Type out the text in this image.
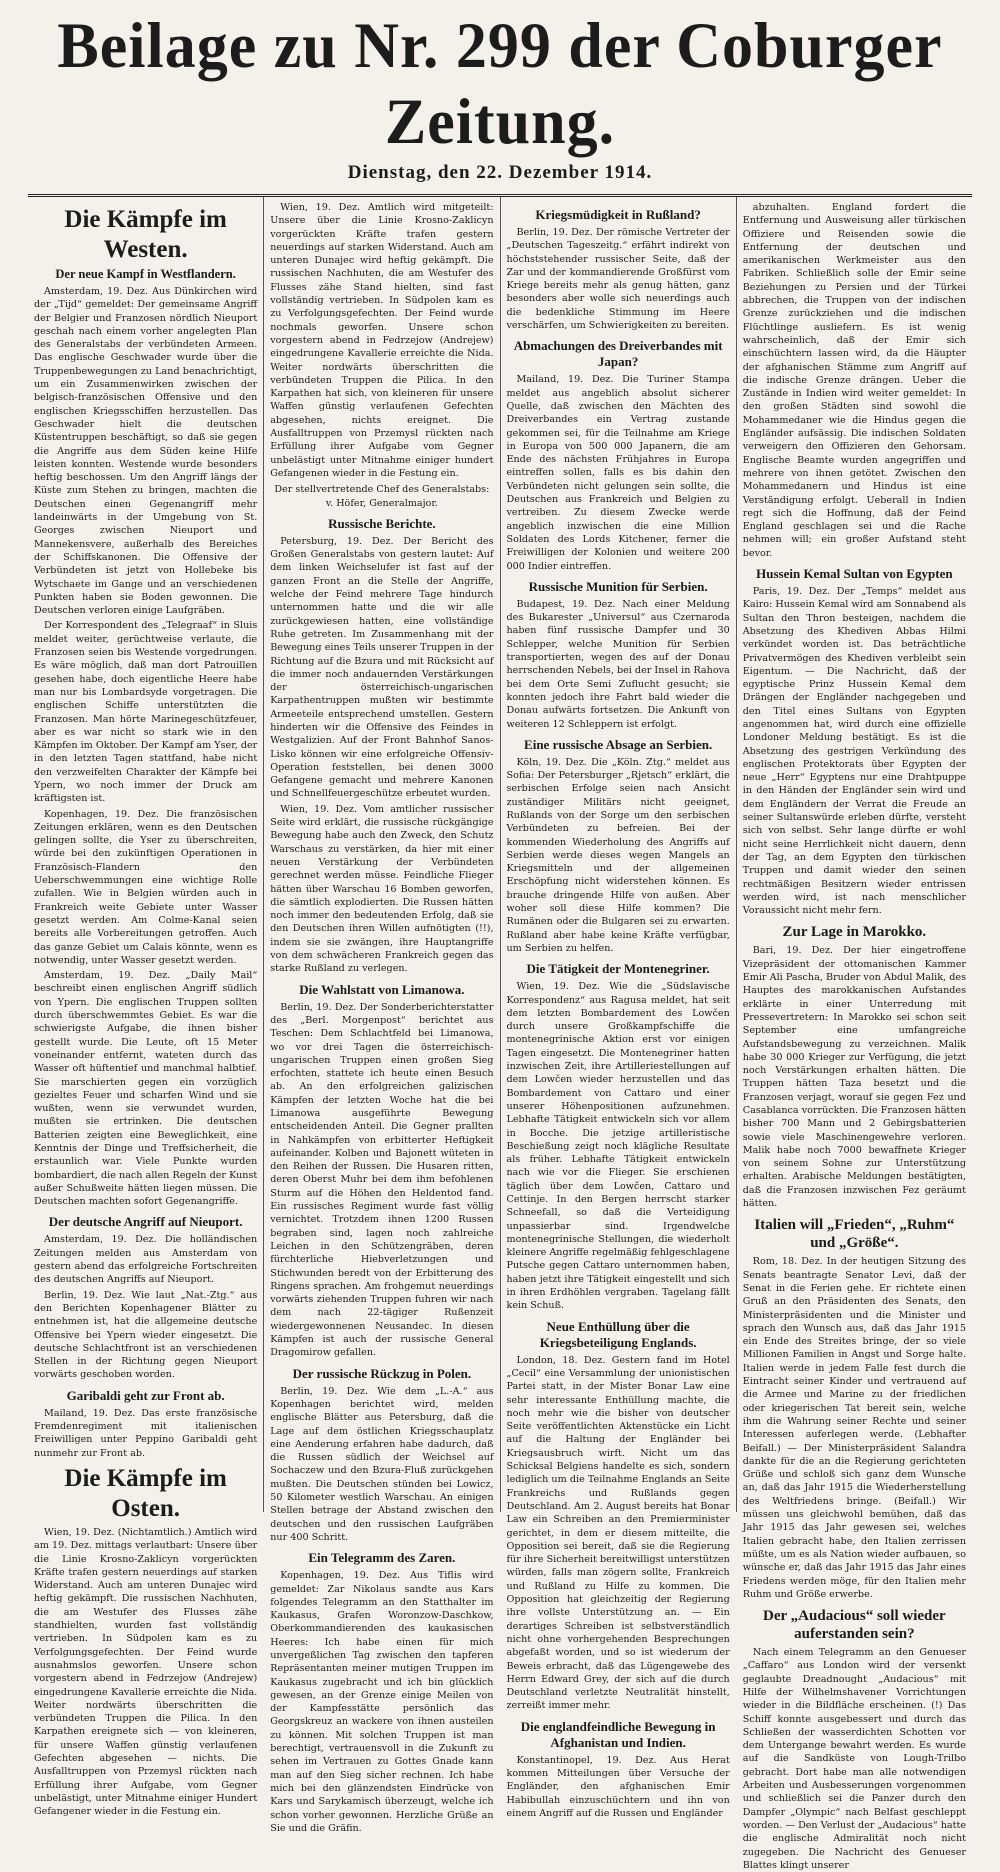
Beilage zu Nr. 299 der Coburger Zeitung.
Dienstag, den 22. Dezember 1914.
Die Kämpfe im Westen.
Der neue Kampf in Westflandern.

Amsterdam, 19. Dez. Aus Dünkirchen wird der „Tijd“ gemeldet: Der gemeinsame Angriff der Belgier und Franzosen nördlich Nieuport geschah nach einem vorher angelegten Plan des Generalstabs der verbündeten Armeen. Das englische Geschwader wurde über die Truppenbewegungen zu Land benachrichtigt, um ein Zusammenwirken zwischen der belgisch-französischen Offensive und den englischen Kriegsschiffen herzustellen. Das Geschwader hielt die deutschen Küstentruppen beschäftigt, so daß sie gegen die Angriffe aus dem Süden keine Hilfe leisten konnten. Westende wurde besonders heftig beschossen. Um den Angriff längs der Küste zum Stehen zu bringen, machten die Deutschen einen Gegenangriff mehr landeinwärts in der Umgebung von St. Georges zwischen Nieuport und Mannekensvere, außerhalb des Bereiches der Schiffskanonen. Die Offensive der Verbündeten ist jetzt von Hollebeke bis Wytschaete im Gange und an verschiedenen Punkten haben sie Boden gewonnen. Die Deutschen verloren einige Laufgräben.

Der Korrespondent des „Telegraaf“ in Sluis meldet weiter, gerüchtweise verlaute, die Franzosen seien bis Westende vorgedrungen. Es wäre möglich, daß man dort Patrouillen gesehen habe, doch eigentliche Heere habe man nur bis Lombardsyde vorgetragen. Die englischen Schiffe unterstützten die Franzosen. Man hörte Marinegeschützfeuer, aber es war nicht so stark wie in den Kämpfen im Oktober. Der Kampf am Yser, der in den letzten Tagen stattfand, habe nicht den verzweifelten Charakter der Kämpfe bei Ypern, wo noch immer der Druck am kräftigsten ist.

Kopenhagen, 19. Dez. Die französischen Zeitungen erklären, wenn es den Deutschen gelingen sollte, die Yser zu überschreiten, würde bei den zukünftigen Operationen in Französisch-Flandern den Ueberschwemmungen eine wichtige Rolle zufallen. Wie in Belgien würden auch in Frankreich weite Gebiete unter Wasser gesetzt werden. Am Colme-Kanal seien bereits alle Vorbereitungen getroffen. Auch das ganze Gebiet um Calais könnte, wenn es notwendig, unter Wasser gesetzt werden.

Amsterdam, 19. Dez. „Daily Mail“ beschreibt einen englischen Angriff südlich von Ypern. Die englischen Truppen sollten durch überschwemmtes Gebiet. Es war die schwierigste Aufgabe, die ihnen bisher gestellt wurde. Die Leute, oft 15 Meter voneinander entfernt, wateten durch das Wasser oft hüftentief und manchmal halbtief. Sie marschierten gegen ein vorzüglich gezieltes Feuer und scharfen Wind und sie wußten, wenn sie verwundet wurden, mußten sie ertrinken. Die deutschen Batterien zeigten eine Beweglichkeit, eine Kenntnis der Dinge und Treffsicherheit, die erstaunlich war. Viele Punkte wurden bombardiert, die nach allen Regeln der Kunst außer Schußweite hätten liegen müssen. Die Deutschen machten sofort Gegenangriffe.

Der deutsche Angriff auf Nieuport.

Amsterdam, 19. Dez. Die holländischen Zeitungen melden aus Amsterdam von gestern abend das erfolgreiche Fortschreiten des deutschen Angriffs auf Nieuport.

Berlin, 19. Dez. Wie laut „Nat.-Ztg.“ aus den Berichten Kopenhagener Blätter zu entnehmen ist, hat die allgemeine deutsche Offensive bei Ypern wieder eingesetzt. Die deutsche Schlachtfront ist an verschiedenen Stellen in der Richtung gegen Nieuport vorwärts geschoben worden.

Garibaldi geht zur Front ab.

Mailand, 19. Dez. Das erste französische Fremdenregiment mit italienischen Freiwilligen unter Peppino Garibaldi geht nunmehr zur Front ab.

Die Kämpfe im Osten.

Wien, 19. Dez. (Nichtamtlich.) Amtlich wird am 19. Dez. mittags verlautbart: Unsere über die Linie Krosno-Zaklicyn vorgerückten Kräfte trafen gestern neuerdings auf starken Widerstand. Auch am unteren Dunajec wird heftig gekämpft. Die russischen Nachhuten, die am Westufer des Flusses zähe standhielten, wurden fast vollständig vertrieben. In Südpolen kam es zu Verfolgungsgefechten. Der Feind wurde ausnahmslos geworfen. Unsere schon vorgestern abend in Fedrzejow (Andrejew) eingedrungene Kavallerie erreichte die Nida. Weiter nordwärts überschritten die verbündeten Truppen die Pilica. In den Karpathen ereignete sich — von kleineren, für unsere Waffen günstig verlaufenen Gefechten abgesehen — nichts. Die Ausfalltruppen von Przemysl rückten nach Erfüllung ihrer Aufgabe, vom Gegner unbelästigt, unter Mitnahme einiger Hundert Gefangener wieder in die Festung ein.

Wien, 19. Dez. Amtlich wird mitgeteilt: Unsere über die Linie Krosno-Zaklicyn vorgerückten Kräfte trafen gestern neuerdings auf starken Widerstand. Auch am unteren Dunajec wird heftig gekämpft. Die russischen Nachhuten, die am Westufer des Flusses zähe Stand hielten, sind fast vollständig vertrieben. In Südpolen kam es zu Verfolgungsgefechten. Der Feind wurde nochmals geworfen. Unsere schon vorgestern abend in Fedrzejow (Andrejew) eingedrungene Kavallerie erreichte die Nida. Weiter nordwärts überschritten die verbündeten Truppen die Pilica. In den Karpathen hat sich, von kleineren für unsere Waffen günstig verlaufenen Gefechten abgesehen, nichts ereignet. Die Ausfalltruppen von Przemysl rückten nach Erfüllung ihrer Aufgabe vom Gegner unbelästigt unter Mitnahme einiger hundert Gefangenen wieder in die Festung ein.

Der stellvertretende Chef des Generalstabs: v. Höfer, Generalmajor.
Russische Berichte.

Petersburg, 19. Dez. Der Bericht des Großen Generalstabs von gestern lautet: Auf dem linken Weichselufer ist fast auf der ganzen Front an die Stelle der Angriffe, welche der Feind mehrere Tage hindurch unternommen hatte und die wir alle zurückgewiesen hatten, eine vollständige Ruhe getreten. Im Zusammenhang mit der Bewegung eines Teils unserer Truppen in der Richtung auf die Bzura und mit Rücksicht auf die immer noch andauernden Verstärkungen der österreichisch-ungarischen Karpathentruppen mußten wir bestimmte Armeeteile entsprechend umstellen. Gestern hinderten wir die Offensive des Feindes in Westgalizien. Auf der Front Bahnhof Sanos-Lisko können wir eine erfolgreiche Offensiv-Operation feststellen, bei denen 3000 Gefangene gemacht und mehrere Kanonen und Schnellfeuergeschütze erbeutet wurden.

Wien, 19. Dez. Vom amtlicher russischer Seite wird erklärt, die russische rückgängige Bewegung habe auch den Zweck, den Schutz Warschaus zu verstärken, da hier mit einer neuen Verstärkung der Verbündeten gerechnet werden müsse. Feindliche Flieger hätten über Warschau 16 Bomben geworfen, die sämtlich explodierten. Die Russen hätten noch immer den bedeutenden Erfolg, daß sie den Deutschen ihren Willen aufnötigten (!!), indem sie sie zwängen, ihre Hauptangriffe von dem schwächeren Frankreich gegen das starke Rußland zu verlegen.

Die Wahlstatt von Limanowa.

Berlin, 19. Dez. Der Sonderberichterstatter des „Berl. Morgenpost“ berichtet aus Teschen: Dem Schlachtfeld bei Limanowa, wo vor drei Tagen die österreichisch-ungarischen Truppen einen großen Sieg erfochten, stattete ich heute einen Besuch ab. An den erfolgreichen galizischen Kämpfen der letzten Woche hat die bei Limanowa ausgeführte Bewegung entscheidenden Anteil. Die Gegner prallten in Nahkämpfen von erbitterter Heftigkeit aufeinander. Kolben und Bajonett wüteten in den Reihen der Russen. Die Husaren ritten, deren Oberst Muhr bei dem ihm befohlenen Sturm auf die Höhen den Heldentod fand. Ein russisches Regiment wurde fast völlig vernichtet. Trotzdem ihnen 1200 Russen begraben sind, lagen noch zahlreiche Leichen in den Schützengräben, deren fürchterliche Hiebverletzungen und Stichwunden beredt von der Erbitterung des Ringens sprachen. Am frohgemut neuerdings vorwärts ziehenden Truppen fuhren wir nach dem nach 22-tägiger Rußenzeit wiedergewonnenen Neusandec. In diesen Kämpfen ist auch der russische General Dragomirow gefallen.

Der russische Rückzug in Polen.

Berlin, 19. Dez. Wie dem „L.-A.“ aus Kopenhagen berichtet wird, melden englische Blätter aus Petersburg, daß die Lage auf dem östlichen Kriegsschauplatz eine Aenderung erfahren habe dadurch, daß die Russen südlich der Weichsel auf Sochaczew und den Bzura-Fluß zurückgehen mußten. Die Deutschen stünden bei Lowicz, 50 Kilometer westlich Warschau. An einigen Stellen betrage der Abstand zwischen den deutschen und den russischen Laufgräben nur 400 Schritt.

Ein Telegramm des Zaren.

Kopenhagen, 19. Dez. Aus Tiflis wird gemeldet: Zar Nikolaus sandte aus Kars folgendes Telegramm an den Statthalter im Kaukasus, Grafen Woronzow-Daschkow, Oberkommandierenden des kaukasischen Heeres: Ich habe einen für mich unvergeßlichen Tag zwischen den tapferen Repräsentanten meiner mutigen Truppen im Kaukasus zugebracht und ich bin glücklich gewesen, an der Grenze einige Meilen von der Kampfesstätte persönlich das Georgskreuz an wackere von ihnen austeilen zu können. Mit solchen Truppen ist man berechtigt, vertrauensvoll in die Zukunft zu sehen im Vertrauen zu Gottes Gnade kann man auf den Sieg sicher rechnen. Ich habe mich bei den glänzendsten Eindrücke von Kars und Sarykamisch überzeugt, welche ich schon vorher gewonnen. Herzliche Grüße an Sie und die Gräfin.

Kriegsmüdigkeit in Rußland?

Berlin, 19. Dez. Der römische Vertreter der „Deutschen Tageszeitg.“ erfährt indirekt von höchststehender russischer Seite, daß der Zar und der kommandierende Großfürst vom Kriege bereits mehr als genug hätten, ganz besonders aber wolle sich neuerdings auch die bedenkliche Stimmung im Heere verschärfen, um Schwierigkeiten zu bereiten.

Abmachungen des Dreiverbandes mit Japan?

Mailand, 19. Dez. Die Turiner Stampa meldet aus angeblich absolut sicherer Quelle, daß zwischen den Mächten des Dreiverbandes ein Vertrag zustande gekommen sei, für die Teilnahme am Kriege in Europa von 500 000 Japanern, die am Ende des nächsten Frühjahres in Europa eintreffen sollen, falls es bis dahin den Verbündeten nicht gelungen sein sollte, die Deutschen aus Frankreich und Belgien zu vertreiben. Zu diesem Zwecke werde angeblich inzwischen die eine Million Soldaten des Lords Kitchener, ferner die Freiwilligen der Kolonien und weitere 200 000 Indier eintreffen.

Russische Munition für Serbien.

Budapest, 19. Dez. Nach einer Meldung des Bukarester „Universul“ aus Czernaroda haben fünf russische Dampfer und 30 Schlepper, welche Munition für Serbien transportierten, wegen des auf der Donau herrschenden Nebels, bei der Insel in Rahova bei dem Orte Semi Zuflucht gesucht; sie konnten jedoch ihre Fahrt bald wieder die Donau aufwärts fortsetzen. Die Ankunft von weiteren 12 Schleppern ist erfolgt.

Eine russische Absage an Serbien.

Köln, 19. Dez. Die „Köln. Ztg.“ meldet aus Sofia: Der Petersburger „Rjetsch“ erklärt, die serbischen Erfolge seien nach Ansicht zuständiger Militärs nicht geeignet, Rußlands von der Sorge um den serbischen Verbündeten zu befreien. Bei der kommenden Wiederholung des Angriffs auf Serbien werde dieses wegen Mangels an Kriegsmitteln und der allgemeinen Erschöpfung nicht widerstehen können. Es brauche dringende Hilfe von außen. Aber woher soll diese Hilfe kommen? Die Rumänen oder die Bulgaren sei zu erwarten. Rußland aber habe keine Kräfte verfügbar, um Serbien zu helfen.

Die Tätigkeit der Montenegriner.

Wien, 19. Dez. Wie die „Südslavische Korrespondenz“ aus Ragusa meldet, hat seit dem letzten Bombardement des Lowčen durch unsere Großkampfschiffe die montenegrinische Aktion erst vor einigen Tagen eingesetzt. Die Montenegriner hatten inzwischen Zeit, ihre Artilleriestellungen auf dem Lowčen wieder herzustellen und das Bombardement von Cattaro und einer unserer Höhenpositionen aufzunehmen. Lebhafte Tätigkeit entwickeln sich vor allem in Bocche. Die jetzige artilleristische Beschießung zeigt noch klägliche Resultate als früher. Lebhafte Tätigkeit entwickeln nach wie vor die Flieger. Sie erschienen täglich über dem Lowčen, Cattaro und Cettinje. In den Bergen herrscht starker Schneefall, so daß die Verteidigung unpassierbar sind. Irgendwelche montenegrinische Stellungen, die wiederholt kleinere Angriffe regelmäßig fehlgeschlagene Putsche gegen Cattaro unternommen haben, haben jetzt ihre Tätigkeit eingestellt und sich in ihren Erdhöhlen vergraben. Tagelang fällt kein Schuß.

Neue Enthüllung über die Kriegsbeteiligung Englands.

London, 18. Dez. Gestern fand im Hotel „Cecil“ eine Versammlung der unionistischen Partei statt, in der Mister Bonar Law eine sehr interessante Enthüllung machte, die noch mehr wie die bisher von deutscher Seite veröffentlichten Aktenstücke ein Licht auf die Haltung der Engländer bei Kriegsausbruch wirft. Nicht um das Schicksal Belgiens handelte es sich, sondern lediglich um die Teilnahme Englands an Seite Frankreichs und Rußlands gegen Deutschland. Am 2. August bereits hat Bonar Law ein Schreiben an den Premierminister gerichtet, in dem er diesem mitteilte, die Opposition sei bereit, daß sie die Regierung für ihre Sicherheit bereitwilligst unterstützen würden, falls man zögern sollte, Frankreich und Rußland zu Hilfe zu kommen. Die Opposition hat gleichzeitig der Regierung ihre vollste Unterstützung an. — Ein derartiges Schreiben ist selbstverständlich nicht ohne vorhergehenden Besprechungen abgefaßt worden, und so ist wiederum der Beweis erbracht, daß das Lügengewebe des Herrn Edward Grey, der sich auf die durch Deutschland verletzte Neutralität hinstellt, zerreißt immer mehr.

Die englandfeindliche Bewegung in Afghanistan und Indien.

Konstantinopel, 19. Dez. Aus Herat kommen Mitteilungen über Versuche der Engländer, den afghanischen Emir Habibullah einzuschüchtern und ihn von einem Angriff auf die Russen und Engländer

abzuhalten. England fordert die Entfernung und Ausweisung aller türkischen Offiziere und Reisenden sowie die Entfernung der deutschen und amerikanischen Werkmeister aus den Fabriken. Schließlich solle der Emir seine Beziehungen zu Persien und der Türkei abbrechen, die Truppen von der indischen Grenze zurückziehen und die indischen Flüchtlinge ausliefern. Es ist wenig wahrscheinlich, daß der Emir sich einschüchtern lassen wird, da die Häupter der afghanischen Stämme zum Angriff auf die indische Grenze drängen. Ueber die Zustände in Indien wird weiter gemeldet: In den großen Städten sind sowohl die Mohammedaner wie die Hindus gegen die Engländer aufsässig. Die indischen Soldaten verweigern den Offizieren den Gehorsam. Englische Beamte wurden angegriffen und mehrere von ihnen getötet. Zwischen den Mohammedanern und Hindus ist eine Verständigung erfolgt. Ueberall in Indien regt sich die Hoffnung, daß der Feind England geschlagen sei und die Rache nehmen will; ein großer Aufstand steht bevor.

Hussein Kemal Sultan von Egypten

Paris, 19. Dez. Der „Temps“ meldet aus Kairo: Hussein Kemal wird am Sonnabend als Sultan den Thron besteigen, nachdem die Absetzung des Khediven Abbas Hilmi verkündet worden ist. Das beträchtliche Privatvermögen des Khediven verbleibt sein Eigentum. — Die Nachricht, daß der egyptische Prinz Hussein Kemal dem Drängen der Engländer nachgegeben und den Titel eines Sultans von Egypten angenommen hat, wird durch eine offizielle Londoner Meldung bestätigt. Es ist die Absetzung des gestrigen Verkündung des englischen Protektorats über Egypten der neue „Herr“ Egyptens nur eine Drahtpuppe in den Händen der Engländer sein wird und dem Engländern der Verrat die Freude an seiner Sultanswürde erleben dürfte, versteht sich von selbst. Sehr lange dürfte er wohl nicht seine Herrlichkeit nicht dauern, denn der Tag, an dem Egypten den türkischen Truppen und damit wieder den seinen rechtmäßigen Besitzern wieder entrissen werden wird, ist nach menschlicher Voraussicht nicht mehr fern.

Zur Lage in Marokko.

Bari, 19. Dez. Der hier eingetroffene Vizepräsident der ottomanischen Kammer Emir Ali Pascha, Bruder von Abdul Malik, des Hauptes des marokkanischen Aufstandes erklärte in einer Unterredung mit Pressevertretern: In Marokko sei schon seit September eine umfangreiche Aufstandsbewegung zu verzeichnen. Malik habe 30 000 Krieger zur Verfügung, die jetzt noch Verstärkungen erhalten hätten. Die Truppen hätten Taza besetzt und die Franzosen verjagt, worauf sie gegen Fez und Casablanca vorrückten. Die Franzosen hätten bisher 700 Mann und 2 Gebirgsbatterien sowie viele Maschinengewehre verloren. Malik habe noch 7000 bewaffnete Krieger von seinem Sohne zur Unterstützung erhalten. Arabische Meldungen bestätigten, daß die Franzosen inzwischen Fez geräumt hätten.

Italien will „Frieden“, „Ruhm“ und „Größe“.

Rom, 18. Dez. In der heutigen Sitzung des Senats beantragte Senator Levi, daß der Senat in die Ferien gehe. Er richtete einen Gruß an den Präsidenten des Senats, den Ministerpräsidenten und die Minister und sprach den Wunsch aus, daß das Jahr 1915 ein Ende des Streites bringe, der so viele Millionen Familien in Angst und Sorge halte. Italien werde in jedem Falle fest durch die Eintracht seiner Kinder und vertrauend auf die Armee und Marine zu der friedlichen oder kriegerischen Tat bereit sein, welche ihm die Wahrung seiner Rechte und seiner Interessen auferlegen werde. (Lebhafter Beifall.) — Der Ministerpräsident Salandra dankte für die an die Regierung gerichteten Grüße und schloß sich ganz dem Wunsche an, daß das Jahr 1915 die Wiederherstellung des Weltfriedens bringe. (Beifall.) Wir müssen uns gleichwohl bemühen, daß das Jahr 1915 das Jahr gewesen sei, welches Italien gebracht habe, den Italien zerrissen müßte, um es als Nation wieder aufbauen, so wünsche er, daß das Jahr 1915 das Jahr eines Friedens werden möge, für den Italien mehr Ruhm und Größe erwerbe.

Der „Audacious“ soll wieder auferstanden sein?

Nach einem Telegramm an den Genueser „Caffaro“ aus London wird der versenkt geglaubte Dreadnought „Audacious“ mit Hilfe der Wilhelmshavener Vorrichtungen wieder in die Bildfläche erscheinen. (!) Das Schiff konnte ausgebessert und durch das Schließen der wasserdichten Schotten vor dem Untergange bewahrt werden. Es wurde auf die Sandküste von Lough-Trilbo gebracht. Dort habe man alle notwendigen Arbeiten und Ausbesserungen vorgenommen und schließlich sei die Panzer durch den Dampfer „Olympic“ nach Belfast geschleppt worden. — Den Verlust der „Audacious“ hatte die englische Admiralität noch nicht zugegeben. Die Nachricht des Genueser Blattes klingt unserer
